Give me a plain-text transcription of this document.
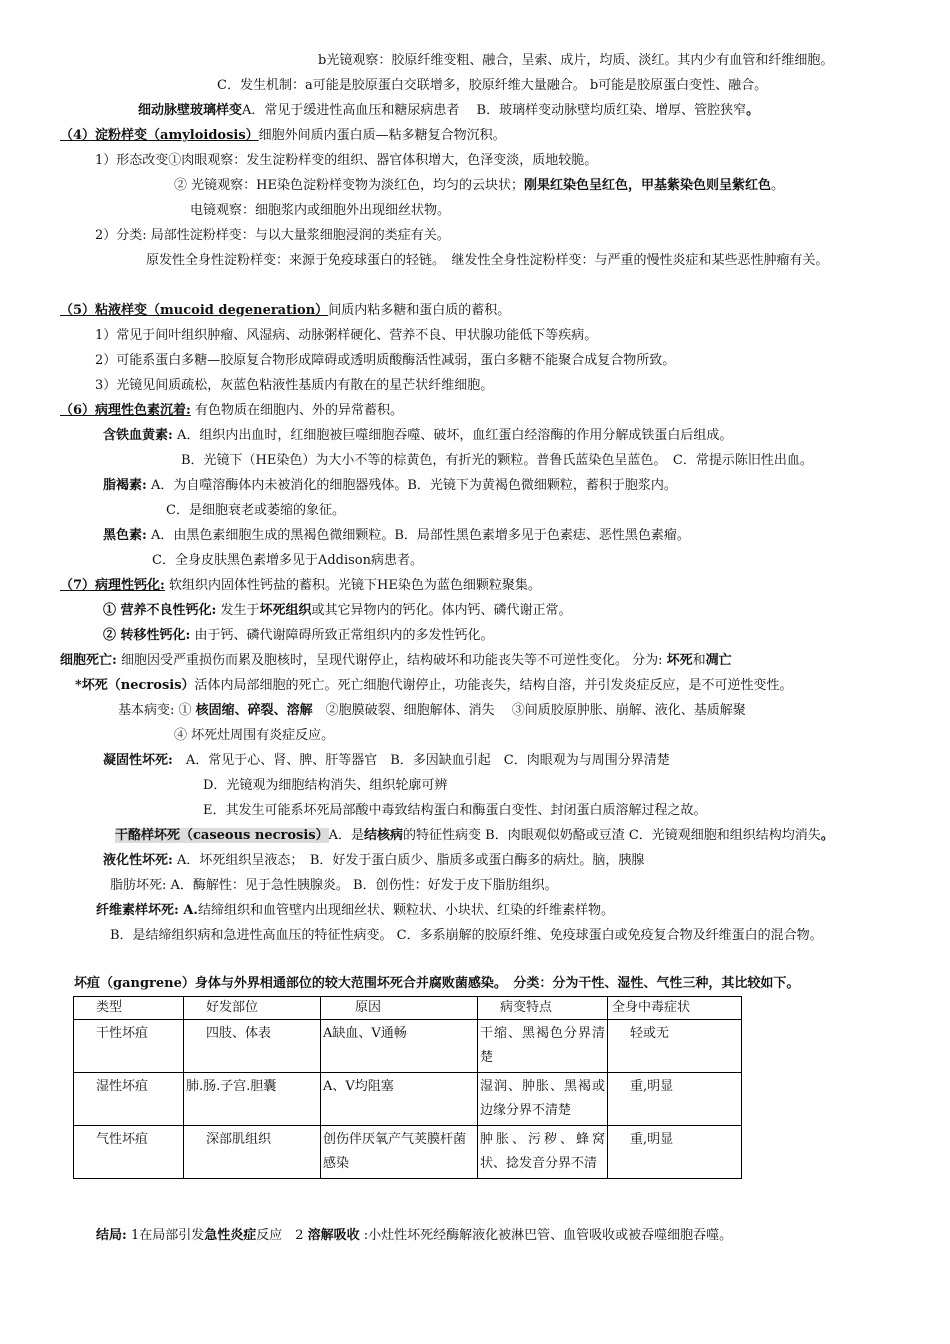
b光镜观察：胶原纤维变粗、融合，呈索、成片，均质、淡红。其内少有血管和纤维细胞。
C．发生机制：a可能是胶原蛋白交联增多，胶原纤维大量融合。 b可能是胶原蛋白变性、融合。
细动脉壁玻璃样变A．常见于缓进性高血压和糖尿病患者　 B．玻璃样变动脉壁均质红染、增厚、管腔狭窄。
（4）淀粉样变（amyloidosis）细胞外间质内蛋白质—粘多糖复合物沉积。
1）形态改变①肉眼观察：发生淀粉样变的组织、器官体积增大，色泽变淡，质地较脆。
② 光镜观察：HE染色淀粉样变物为淡红色，均匀的云块状；刚果红染色呈红色，甲基紫染色则呈紫红色。
电镜观察：细胞浆内或细胞外出现细丝状物。
2）分类: 局部性淀粉样变：与以大量浆细胞浸润的类症有关。
原发性全身性淀粉样变：来源于免疫球蛋白的轻链。　继发性全身性淀粉样变：与严重的慢性炎症和某些恶性肿瘤有关。
（5）粘液样变（mucoid degeneration）间质内粘多糖和蛋白质的蓄积。
1）常见于间叶组织肿瘤、风湿病、动脉粥样硬化、营养不良、甲状腺功能低下等疾病。
2）可能系蛋白多糖—胶原复合物形成障碍或透明质酸酶活性减弱，蛋白多糖不能聚合成复合物所致。
3）光镜见间质疏松，灰蓝色粘液性基质内有散在的星芒状纤维细胞。
（6）病理性色素沉着: 有色物质在细胞内、外的异常蓄积。
含铁血黄素: A．组织内出血时，红细胞被巨噬细胞吞噬、破坏，血红蛋白经溶酶的作用分解成铁蛋白后组成。
B．光镜下（HE染色）为大小不等的棕黄色，有折光的颗粒。普鲁氏蓝染色呈蓝色。　C．常提示陈旧性出血。
脂褐素: A．为自噬溶酶体内未被消化的细胞器残体。B．光镜下为黄褐色微细颗粒，蓄积于胞浆内。
C．是细胞衰老或萎缩的象征。
黑色素: A．由黑色素细胞生成的黑褐色微细颗粒。B．局部性黑色素增多见于色素痣、恶性黑色素瘤。
C．全身皮肤黑色素增多见于Addison病患者。
（7）病理性钙化: 软组织内固体性钙盐的蓄积。光镜下HE染色为蓝色细颗粒聚集。
① 营养不良性钙化: 发生于坏死组织或其它异物内的钙化。体内钙、磷代谢正常。
② 转移性钙化: 由于钙、磷代谢障碍所致正常组织内的多发性钙化。
细胞死亡: 细胞因受严重损伤而累及胞核时，呈现代谢停止，结构破坏和功能丧失等不可逆性变化。 分为: 坏死和凋亡
*坏死（necrosis）活体内局部细胞的死亡。死亡细胞代谢停止，功能丧失，结构自溶，并引发炎症反应，是不可逆性变性。
基本病变: ① 核固缩、碎裂、溶解　②胞膜破裂、细胞解体、消失　 ③间质胶原肿胀、崩解、液化、基质解聚
④ 坏死灶周围有炎症反应。
凝固性坏死:　A．常见于心、肾、脾、肝等器官　B．多因缺血引起　C．肉眼观为与周围分界清楚
D．光镜观为细胞结构消失、组织轮廓可辨
E．其发生可能系坏死局部酸中毒致结构蛋白和酶蛋白变性、封闭蛋白质溶解过程之故。
干酪样坏死（caseous necrosis）A．是结核病的特征性病变 B．肉眼观似奶酪或豆渣 C．光镜观细胞和组织结构均消失。
液化性坏死: A．坏死组织呈液态；　B．好发于蛋白质少、脂质多或蛋白酶多的病灶。脑，胰腺
脂肪坏死: A．酶解性：见于急性胰腺炎。 B．创伤性：好发于皮下脂肪组织。
纤维素样坏死: A.结缔组织和血管壁内出现细丝状、颗粒状、小块状、红染的纤维素样物。
B．是结缔组织病和急进性高血压的特征性病变。 C．多系崩解的胶原纤维、免疫球蛋白或免疫复合物及纤维蛋白的混合物。
坏疽（gangrene）身体与外界相通部位的较大范围坏死合并腐败菌感染。　分类：分为干性、湿性、气性三种，其比较如下。
类型	好发部位	原因	病变特点	全身中毒症状
干性坏疽	四肢、体表	A缺血、V通畅	干缩、黑褐色分界清楚	轻或无
湿性坏疽	肺.肠.子宫.胆囊	A、V均阻塞	湿润、肿胀、黑褐或边缘分界不清楚	重,明显
气性坏疽	深部肌组织	创伤伴厌氧产气荚膜杆菌感染	肿胀、污秽、蜂窝状、捻发音分界不清	重,明显
结局: 1在局部引发急性炎症反应　2 溶解吸收 :小灶性坏死经酶解液化被淋巴管、血管吸收或被吞噬细胞吞噬。
